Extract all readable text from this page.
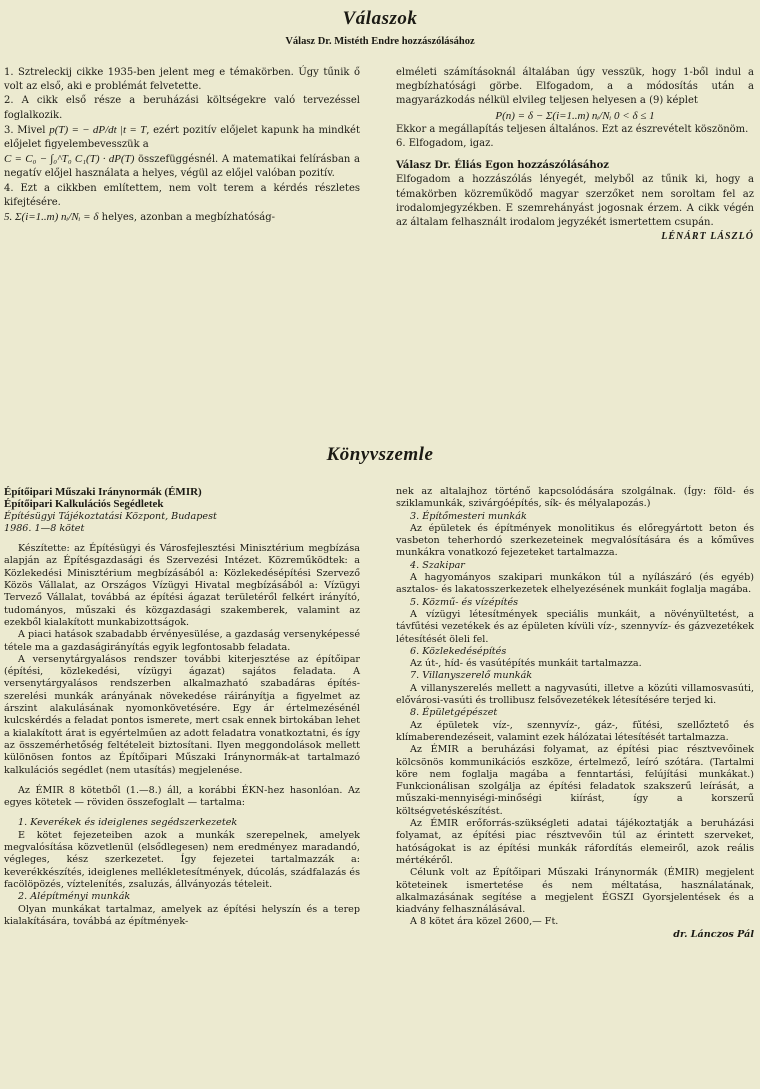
Válaszok
Válasz Dr. Mistéth Endre hozzászólásához

1. Sztreleckij cikke 1935-ben jelent meg e témakörben. Úgy tűnik ő volt az első, aki e problémát felvetette.

2. A cikk első része a beruházási költségekre való tervezéssel foglalkozik.

3. Mivel p(T) = − dP/dt |t = T, ezért pozitív előjelet kapunk ha mindkét előjelet figyelembevesszük a

C = C₀ − ∫₀^T₀ C₁(T) · dP(T) összefüggésnél. A matematikai felírásban a negatív előjel használata a helyes, végül az előjel valóban pozitív.

4. Ezt a cikkben említettem, nem volt terem a kérdés részletes kifejtésére.

5. Σ(i=1..m) nᵢ/Nᵢ = δ helyes, azonban a megbízhatóság-

elméleti számításoknál általában úgy vesszük, hogy 1-ből indul a megbízhatósági görbe. Elfogadom, a a módosítás után a magyarázkodás nélkül elvileg teljesen helyesen a (9) képlet

P(n) = δ − Σ(i=1..m) nᵢ/Nᵢ 0 < δ ≤ 1

Ekkor a megállapítás teljesen általános. Ezt az észrevételt köszönöm.

6. Elfogadom, igaz.

Válasz Dr. Éliás Egon hozzászólásához

Elfogadom a hozzászólás lényegét, melyből az tűnik ki, hogy a témakörben közreműködő magyar szerzőket nem soroltam fel az irodalomjegyzékben. E szemrehányást jogosnak érzem. A cikk végén az általam felhasznált irodalom jegyzékét ismertettem csupán.

LÉNÁRT LÁSZLÓ

Könyvszemle

Építőipari Műszaki Iránynormák (ÉMIR)

Építőipari Kalkulációs Segédletek

Építésügyi Tájékoztatási Központ, Budapest

1986. 1—8 kötet

Készítette: az Építésügyi és Városfejlesztési Minisztérium megbízása alapján az Építésgazdasági és Szervezési Intézet. Közreműködtek: a Közlekedési Minisztérium megbízásából a: Közlekedésépítési Szervező Közös Vállalat, az Országos Vízügyi Hivatal megbízásából a: Vízügyi Tervező Vállalat, továbbá az építési ágazat területéről felkért irányító, tudományos, műszaki és közgazdasági szakemberek, valamint az ezekből kialakított munkabizottságok.

A piaci hatások szabadabb érvényesülése, a gazdaság versenyképessé tétele ma a gazdaságirányítás egyik legfontosabb feladata.

A versenytárgyalásos rendszer további kiterjesztése az építőipar (építési, közlekedési, vízügyi ágazat) sajátos feladata. A versenytárgyalásos rendszerben alkalmazható szabadáras építés-szerelési munkák arányának növekedése ráirányítja a figyelmet az árszint alakulásának nyomonkövetésére. Egy ár értelmezésénél kulcskérdés a feladat pontos ismerete, mert csak ennek birtokában lehet a kialakított árat is egyértelműen az adott feladatra vonatkoztatni, és így az összemérhetőség feltételeit biztosítani. Ilyen meggondolások mellett különösen fontos az Építőipari Műszaki Iránynormák-at tartalmazó kalkulációs segédlet (nem utasítás) megjelenése.

Az ÉMIR 8 kötetből (1.—8.) áll, a korábbi ÉKN-hez hasonlóan. Az egyes kötetek — röviden összefoglalt — tartalma:

1. Keverékek és ideiglenes segédszerkezetek

E kötet fejezeteiben azok a munkák szerepelnek, amelyek megvalósítása közvetlenül (elsődlegesen) nem eredményez maradandó, végleges, kész szerkezetet. Így fejezetei tartalmazzák a: keverékkészítés, ideiglenes mellékletesítmények, dúcolás, szádfalazás és facölöpözés, víztelenítés, zsaluzás, állványozás tételeit.

2. Alépítményi munkák

Olyan munkákat tartalmaz, amelyek az építési helyszín és a terep kialakítására, továbbá az építmények-

nek az altalajhoz történő kapcsolódására szolgálnak. (Így: föld- és sziklamunkák, szivárgóépítés, sík- és mélyalapozás.)

3. Építőmesteri munkák

Az épületek és építmények monolitikus és előregyártott beton és vasbeton teherhordó szerkezeteinek megvalósítására és a kőműves munkákra vonatkozó fejezeteket tartalmazza.

4. Szakipar

A hagyományos szakipari munkákon túl a nyílászáró (és egyéb) asztalos- és lakatosszerkezetek elhelyezésének munkáit foglalja magába.

5. Közmű- és vízépítés

A vízügyi létesítmények speciális munkáit, a növényültetést, a távfűtési vezetékek és az épületen kívüli víz-, szennyvíz- és gázvezetékek létesítését öleli fel.

6. Közlekedésépítés

Az út-, híd- és vasútépítés munkáit tartalmazza.

7. Villanyszerelő munkák

A villanyszerelés mellett a nagyvasúti, illetve a közúti villamosvasúti, elővárosi-vasúti és trollibusz felsővezetékek létesítésére terjed ki.

8. Épületgépészet

Az épületek víz-, szennyvíz-, gáz-, fűtési, szellőztető és klímaberendezéseit, valamint ezek hálózatai létesítését tartalmazza.

Az ÉMIR a beruházási folyamat, az építési piac résztvevőinek kölcsönös kommunikációs eszköze, értelmező, leíró szótára. (Tartalmi köre nem foglalja magába a fenntartási, felújítási munkákat.) Funkcionálisan szolgálja az építési feladatok szakszerű leírását, a műszaki-mennyiségi-minőségi kiírást, így a korszerű költségvetéskészítést.

Az ÉMIR erőforrás-szükségleti adatai tájékoztatják a beruházási folyamat, az építési piac résztvevőin túl az érintett szerveket, hatóságokat is az építési munkák ráfordítás elemeiről, azok reális mértékéről.

Célunk volt az Építőipari Műszaki Iránynormák (ÉMIR) megjelent köteteinek ismertetése és nem méltatása, használatának, alkalmazásának segítése a megjelent ÉGSZI Gyorsjelentések és a kiadvány felhasználásával.

A 8 kötet ára közel 2600,— Ft.

dr. Lánczos Pál
